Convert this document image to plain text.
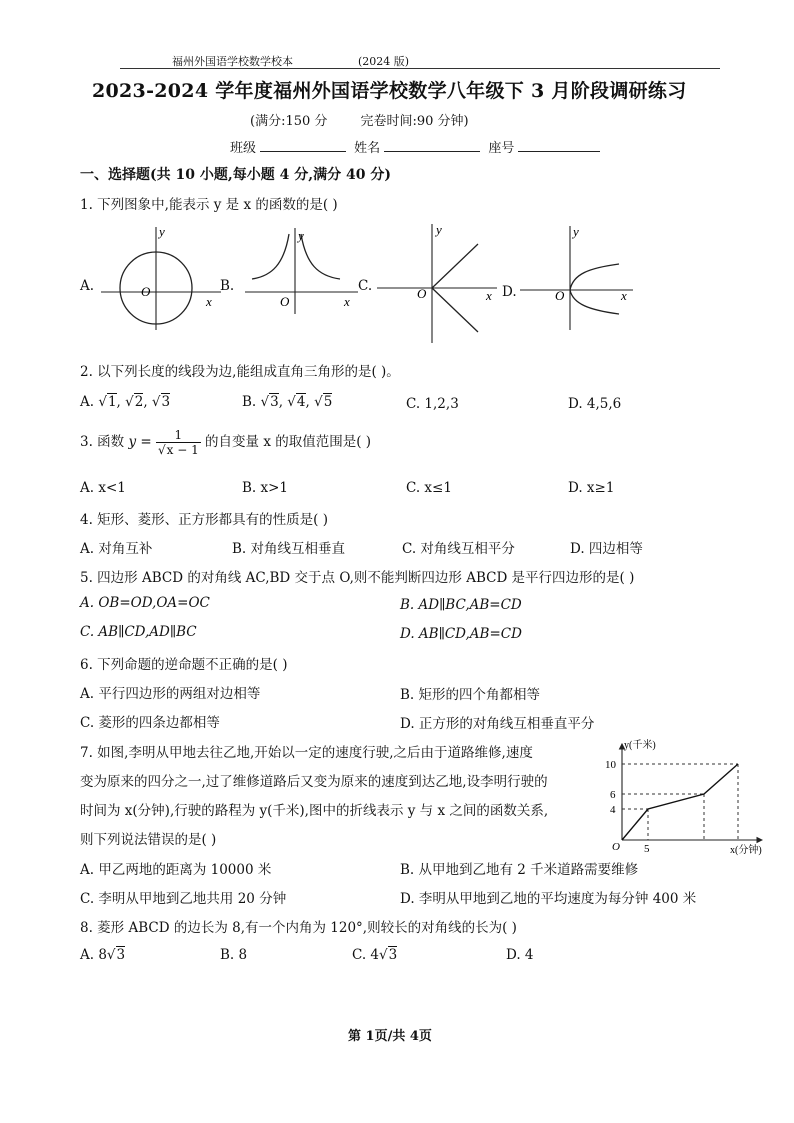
福州外国语学校数学校本	(2024 版)
2023-2024 学年度福州外国语学校数学八年级下 3 月阶段调研练习
(满分:150 分        完卷时间:90 分钟)
班级	姓名	座号
一、选择题(共 10 小题,每小题 4 分,满分 40 分)
1. 下列图象中,能表示 y 是 x 的函数的是( )
A.	B.	C.	D.
O
x
y
O	x
y
O	x
y
O	x
y
2. 以下列长度的线段为边,能组成直角三角形的是( )。
A. √1, √2, √3	B. √3, √4, √5	C. 1,2,3	D. 4,5,6
3. 函数 $y = \frac{1}{√x - 1}$ 的自变量 x 的取值范围是( )
A. x<1	B. x>1	C. x≤1	D. x≥1
4. 矩形、菱形、正方形都具有的性质是( )
A. 对角互补	B. 对角线互相垂直	C. 对角线互相平分	D. 四边相等
5. 四边形 ABCD 的对角线 AC,BD 交于点 O,则不能判断四边形 ABCD 是平行四边形的是( )
A. OB=OD,OA=OC	B. AD∥BC,AB=CD
C. AB∥CD,AD∥BC	D. AB∥CD,AB=CD
6. 下列命题的逆命题不正确的是( )
A. 平行四边形的两组对边相等	B. 矩形的四个角都相等
C. 菱形的四条边都相等	D. 正方形的对角线互相垂直平分
7. 如图,李明从甲地去往乙地,开始以一定的速度行驶,之后由于道路维修,速度
变为原来的四分之一,过了维修道路后又变为原来的速度到达乙地,设李明行驶的
时间为 x(分钟),行驶的路程为 y(千米),图中的折线表示 y 与 x 之间的函数关系,
则下列说法错误的是( )
y(千米)
x(分钟)
O
10
6
4
5
A. 甲乙两地的距离为 10000 米	B. 从甲地到乙地有 2 千米道路需要维修
C. 李明从甲地到乙地共用 20 分钟	D. 李明从甲地到乙地的平均速度为每分钟 400 米
8. 菱形 ABCD 的边长为 8,有一个内角为 120°,则较长的对角线的长为( )
A. 8√3	B. 8	C. 4√3	D. 4
第 1页/共 4页
